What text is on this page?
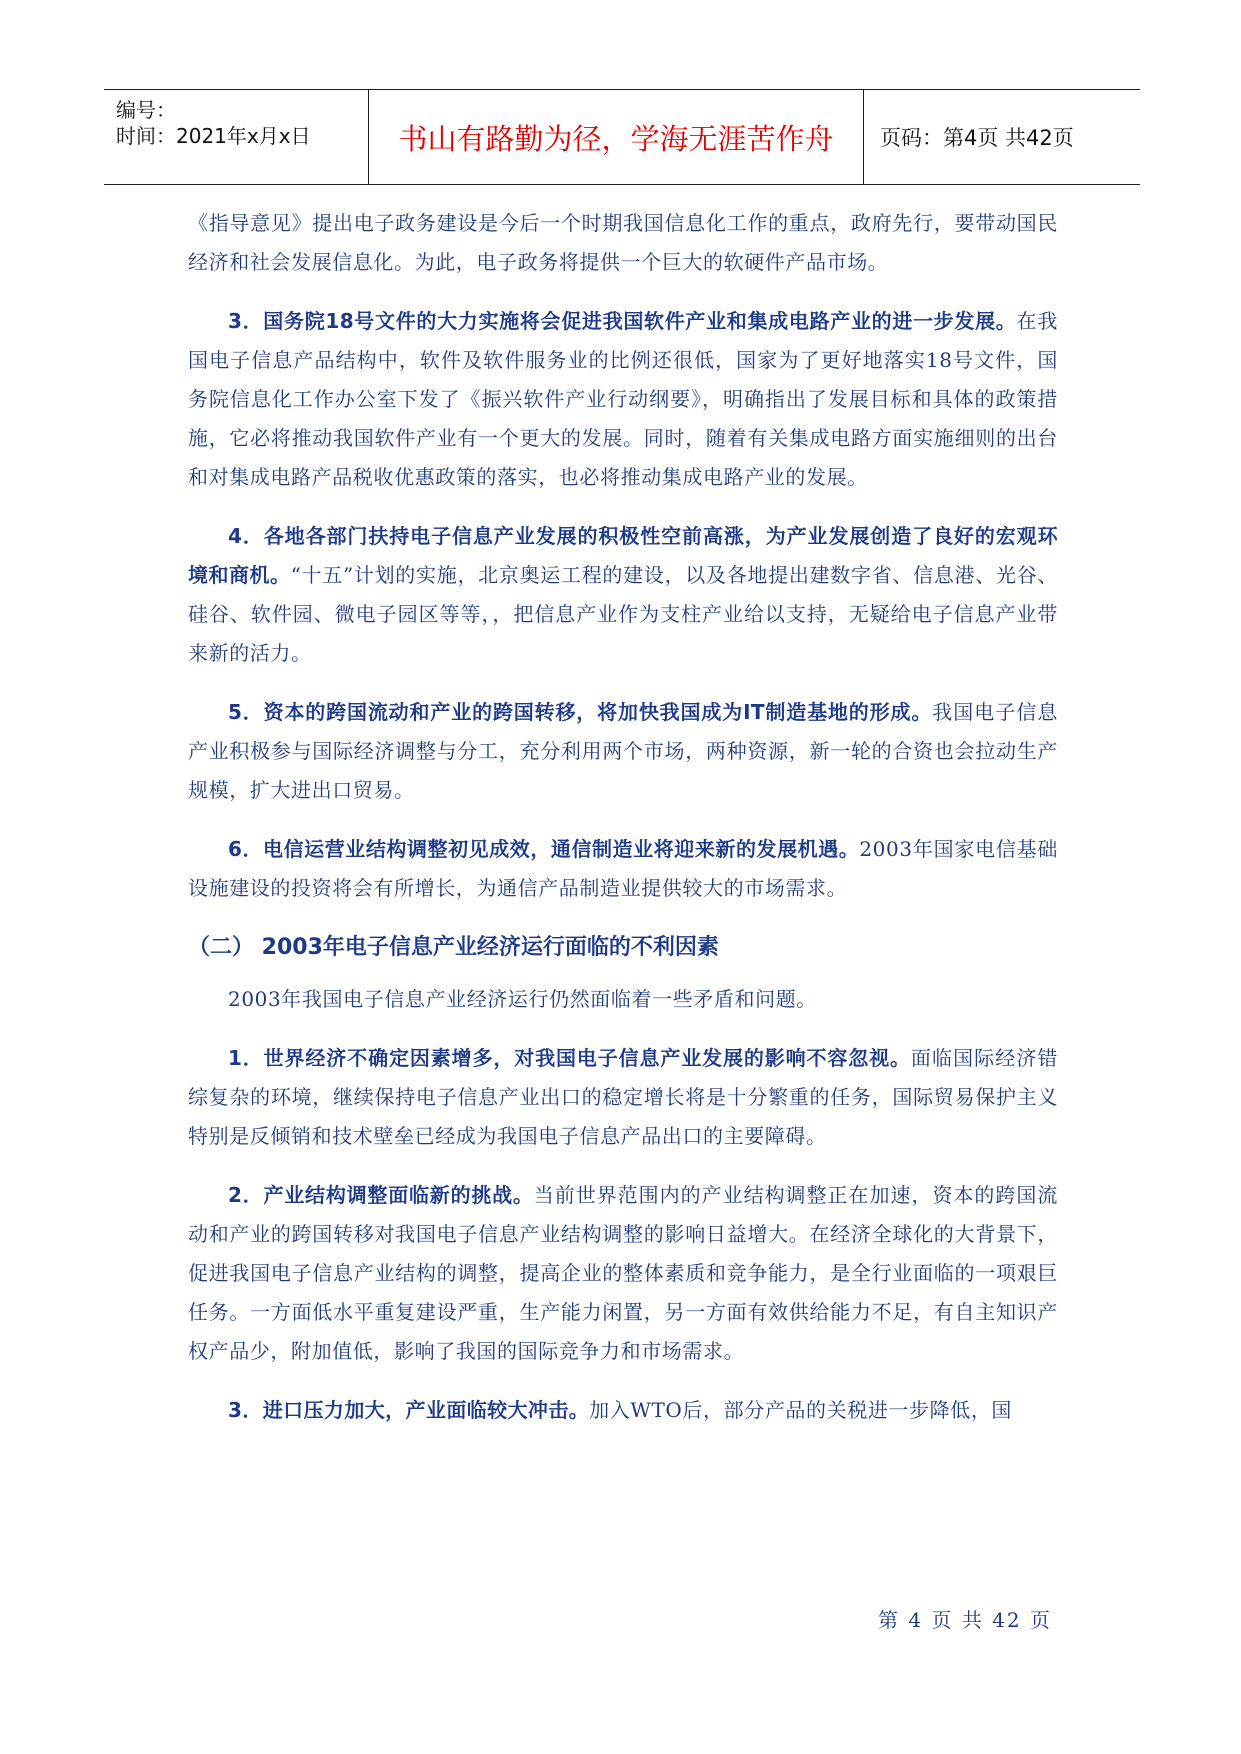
编号：
时间：2021年x月x日	书山有路勤为径，学海无涯苦作舟	页码：第4页 共42页

《指导意见》提出电子政务建设是今后一个时期我国信息化工作的重点，政府先行，要带动国民经济和社会发展信息化。为此，电子政务将提供一个巨大的软硬件产品市场。

3．国务院18号文件的大力实施将会促进我国软件产业和集成电路产业的进一步发展。在我国电子信息产品结构中，软件及软件服务业的比例还很低，国家为了更好地落实18号文件，国务院信息化工作办公室下发了《振兴软件产业行动纲要》，明确指出了发展目标和具体的政策措施，它必将推动我国软件产业有一个更大的发展。同时，随着有关集成电路方面实施细则的出台和对集成电路产品税收优惠政策的落实，也必将推动集成电路产业的发展。

4．各地各部门扶持电子信息产业发展的积极性空前高涨，为产业发展创造了良好的宏观环境和商机。“十五”计划的实施，北京奥运工程的建设，以及各地提出建数字省、信息港、光谷、硅谷、软件园、微电子园区等等，，把信息产业作为支柱产业给以支持，无疑给电子信息产业带来新的活力。

5．资本的跨国流动和产业的跨国转移，将加快我国成为IT制造基地的形成。我国电子信息产业积极参与国际经济调整与分工，充分利用两个市场，两种资源，新一轮的合资也会拉动生产规模，扩大进出口贸易。

6．电信运营业结构调整初见成效，通信制造业将迎来新的发展机遇。2003年国家电信基础设施建设的投资将会有所增长，为通信产品制造业提供较大的市场需求。

（二） 2003年电子信息产业经济运行面临的不利因素

2003年我国电子信息产业经济运行仍然面临着一些矛盾和问题。

1．世界经济不确定因素增多，对我国电子信息产业发展的影响不容忽视。面临国际经济错综复杂的环境，继续保持电子信息产业出口的稳定增长将是十分繁重的任务，国际贸易保护主义特别是反倾销和技术壁垒已经成为我国电子信息产品出口的主要障碍。

2．产业结构调整面临新的挑战。当前世界范围内的产业结构调整正在加速，资本的跨国流动和产业的跨国转移对我国电子信息产业结构调整的影响日益增大。在经济全球化的大背景下，促进我国电子信息产业结构的调整，提高企业的整体素质和竞争能力，是全行业面临的一项艰巨任务。一方面低水平重复建设严重，生产能力闲置，另一方面有效供给能力不足，有自主知识产权产品少，附加值低，影响了我国的国际竞争力和市场需求。

3．进口压力加大，产业面临较大冲击。加入WTO后，部分产品的关税进一步降低，国

第 4 页 共 42 页
